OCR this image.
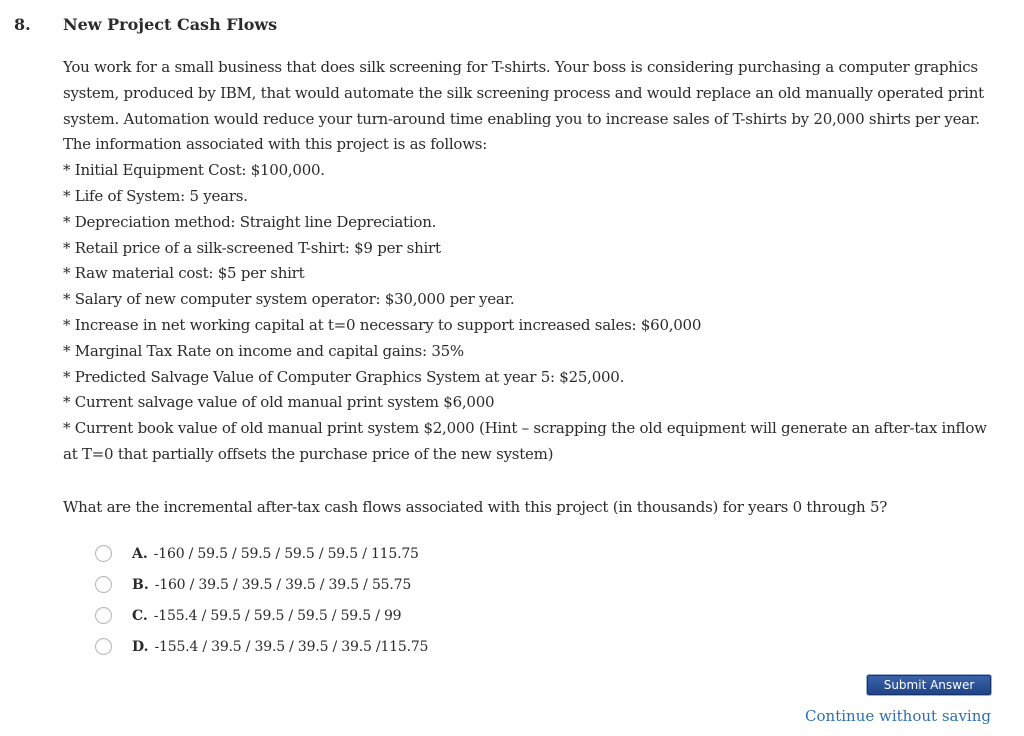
8. New Project Cash Flows

You work for a small business that does silk screening for T-shirts. Your boss is considering purchasing a computer graphics system, produced by IBM, that would automate the silk screening process and would replace an old manually operated print system. Automation would reduce your turn-around time enabling you to increase sales of T-shirts by 20,000 shirts per year. The information associated with this project is as follows:

* Initial Equipment Cost: $100,000.
* Life of System: 5 years.
* Depreciation method: Straight line Depreciation.
* Retail price of a silk-screened T-shirt: $9 per shirt
* Raw material cost: $5 per shirt
* Salary of new computer system operator: $30,000 per year.
* Increase in net working capital at t=0 necessary to support increased sales: $60,000
* Marginal Tax Rate on income and capital gains: 35%
* Predicted Salvage Value of Computer Graphics System at year 5: $25,000.
* Current salvage value of old manual print system $6,000
* Current book value of old manual print system $2,000 (Hint – scrapping the old equipment will generate an after-tax inflow at T=0 that partially offsets the purchase price of the new system)

What are the incremental after-tax cash flows associated with this project (in thousands) for years 0 through 5?

A. -160 / 59.5 / 59.5 / 59.5 / 59.5 / 115.75
B. -160 / 39.5 / 39.5 / 39.5 / 39.5 / 55.75
C. -155.4 / 59.5 / 59.5 / 59.5 / 59.5 / 99
D. -155.4 / 39.5 / 39.5 / 39.5 / 39.5 /115.75
Submit Answer
Continue without saving
